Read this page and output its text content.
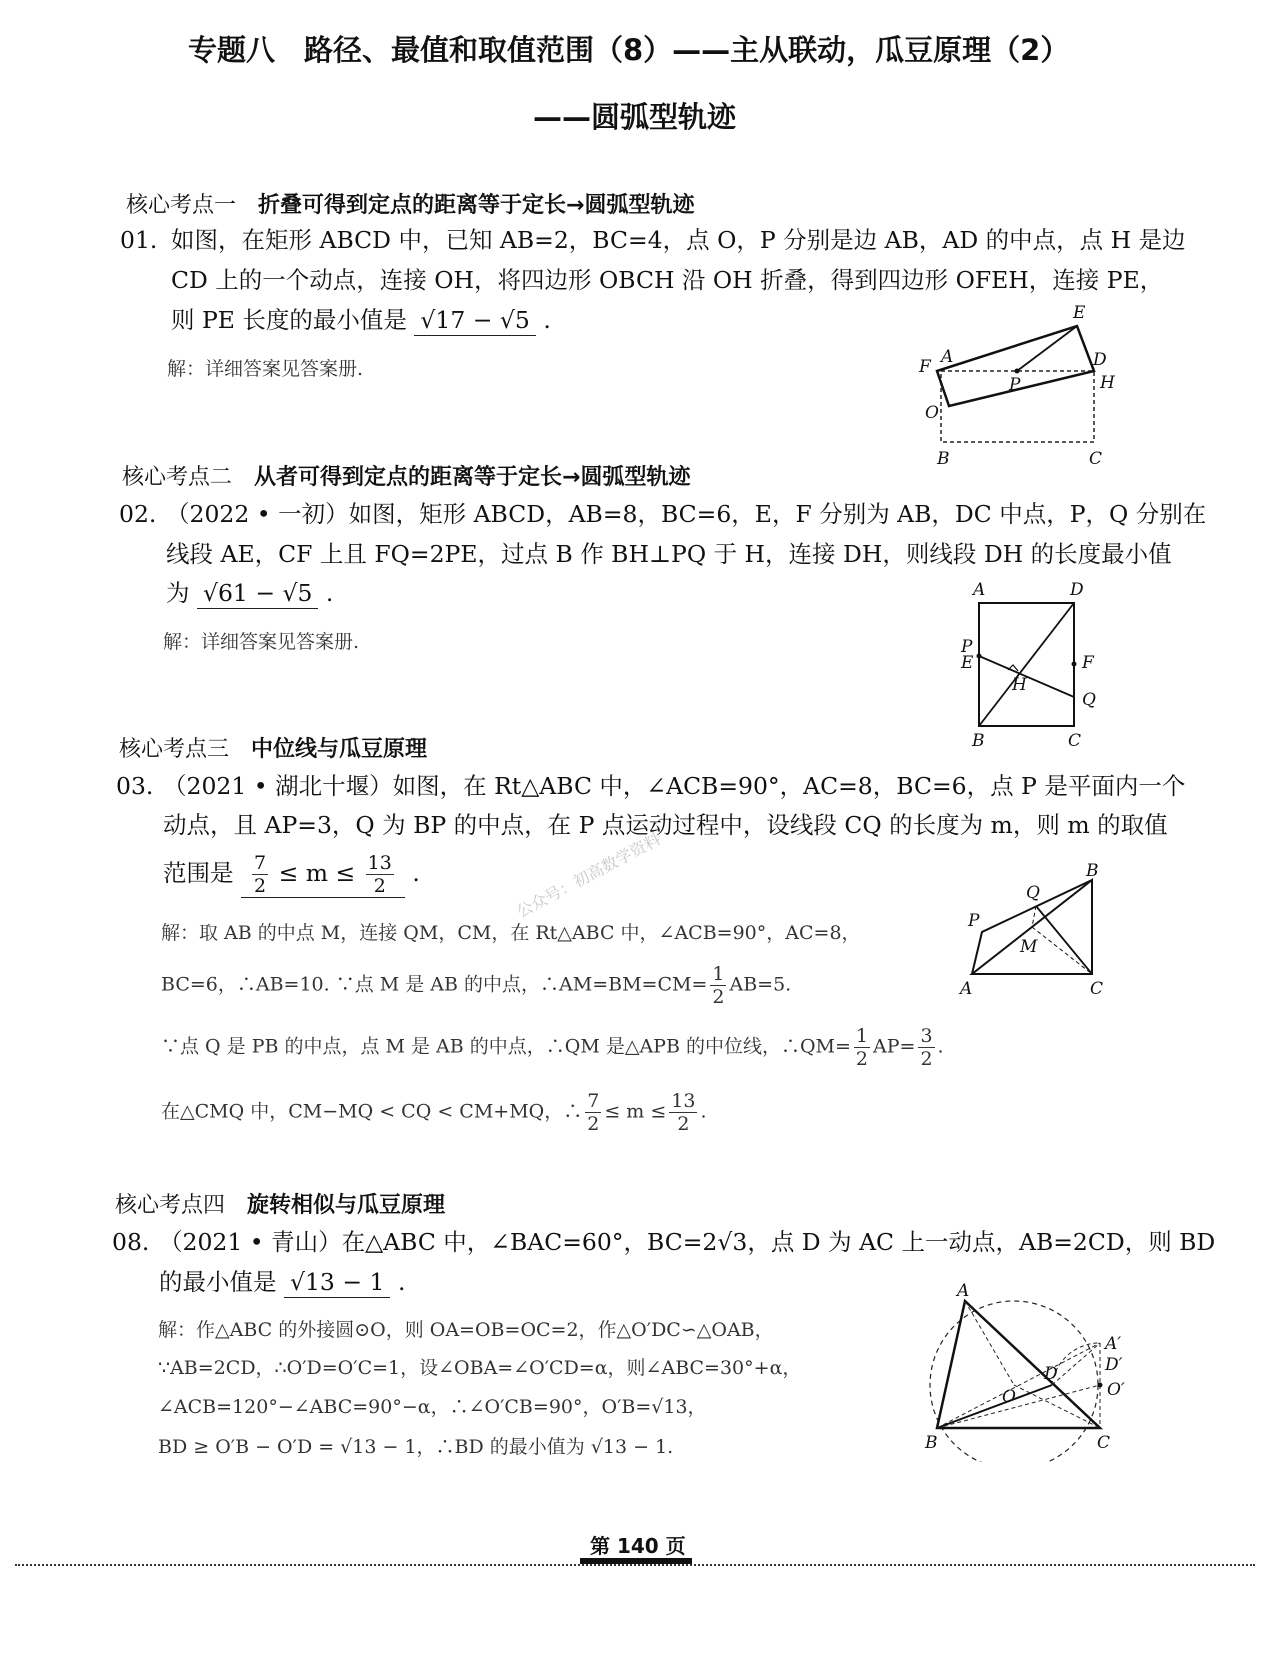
专题八　路径、最值和取值范围（8）——主从联动，瓜豆原理（2）
——圆弧型轨迹
核心考点一 折叠可得到定点的距离等于定长→圆弧型轨迹
01. 如图，在矩形 ABCD 中，已知 AB=2，BC=4，点 O，P 分别是边 AB，AD 的中点，点 H 是边
CD 上的一个动点，连接 OH，将四边形 OBCH 沿 OH 折叠，得到四边形 OFEH，连接 PE，
则 PE 长度的最小值是 √17 − √5 .
解：详细答案见答案册.
A
B	C
D
E
F
H
O
P
核心考点二 从者可得到定点的距离等于定长→圆弧型轨迹
02. （2022 • 一初）如图，矩形 ABCD，AB=8，BC=6，E，F 分别为 AB，DC 中点，P，Q 分别在
线段 AE，CF 上且 FQ=2PE，过点 B 作 BH⊥PQ 于 H，连接 DH，则线段 DH 的长度最小值
为 √61 − √5 .
解：详细答案见答案册.
A
B	C
D
E	F
H
P
Q
核心考点三 中位线与瓜豆原理
03. （2021 • 湖北十堰）如图，在 Rt△ABC 中，∠ACB=90°，AC=8，BC=6，点 P 是平面内一个
动点，且 AP=3，Q 为 BP 的中点，在 P 点运动过程中，设线段 CQ 的长度为 m，则 m 的取值
范围是 $\frac{7}{2} \le m \le \frac{13}{2}$ .
解：取 AB 的中点 M，连接 QM，CM，在 Rt△ABC 中，∠ACB=90°，AC=8，
BC=6，∴AB=10. ∵点 M 是 AB 的中点，∴AM=BM=CM= $\frac{1}{2} AB=5$.
∵点 Q 是 PB 的中点，点 M 是 AB 的中点，∴QM 是△APB 的中位线，∴QM= $\frac{1}{2} AP= \frac{3}{2}$ .
在△CMQ 中，CM−MQ < CQ < CM+MQ，∴ $\frac{7}{2} \le m \le \frac{13}{2}$ .
公众号：初高数学资料
A
B
C
M
P
Q
核心考点四 旋转相似与瓜豆原理
08. （2021 • 青山）在△ABC 中，∠BAC=60°，BC=2√3，点 D 为 AC 上一动点，AB=2CD，则 BD
的最小值是 √13 − 1 .
解：作△ABC 的外接圆⊙O，则 OA=OB=OC=2，作△O′DC∽△OAB，
∵AB=2CD，∴O′D=O′C=1，设∠OBA=∠O′CD=α，则∠ABC=30°+α，
∠ACB=120°−∠ABC=90°−α，∴∠O′CB=90°，O′B=√13，
BD ≥ O′B − O′D = √13 − 1，∴BD 的最小值为 √13 − 1.
A
B	C
D	D′
A′
O	O′
第 140 页
